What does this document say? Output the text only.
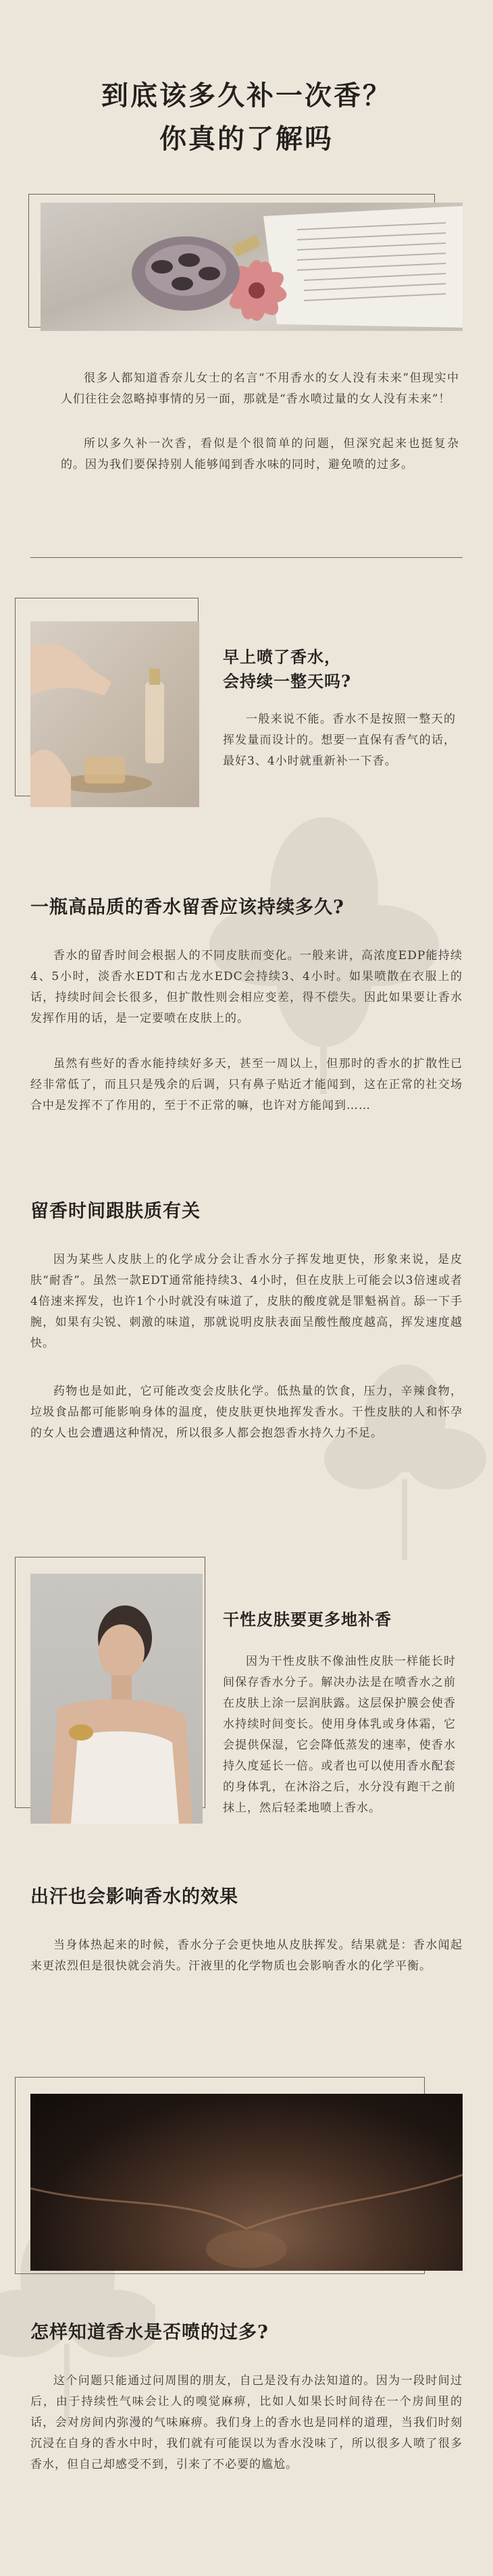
到底该多久补一次香？
你真的了解吗
很多人都知道香奈儿女士的名言“不用香水的女人没有未来”但现实中人们往往会忽略掉事情的另一面，那就是“香水喷过量的女人没有未来”！
所以多久补一次香，看似是个很简单的问题，但深究起来也挺复杂的。因为我们要保持别人能够闻到香水味的同时，避免喷的过多。
早上喷了香水，
会持续一整天吗?
一般来说不能。香水不是按照一整天的挥发量而设计的。想要一直保有香气的话，最好3、4小时就重新补一下香。
一瓶高品质的香水留香应该持续多久?
香水的留香时间会根据人的不同皮肤而变化。一般来讲，高浓度EDP能持续4、5小时，淡香水EDT和古龙水EDC会持续3、4小时。如果喷散在衣服上的话，持续时间会长很多，但扩散性则会相应变差，得不偿失。因此如果要让香水发挥作用的话，是一定要喷在皮肤上的。
虽然有些好的香水能持续好多天，甚至一周以上，但那时的香水的扩散性已经非常低了，而且只是残余的后调，只有鼻子贴近才能闻到，这在正常的社交场合中是发挥不了作用的，至于不正常的嘛，也许对方能闻到……
留香时间跟肤质有关
因为某些人皮肤上的化学成分会让香水分子挥发地更快，形象来说，是皮肤“耐香”。虽然一款EDT通常能持续3、4小时，但在皮肤上可能会以3倍速或者4倍速来挥发，也许1个小时就没有味道了，皮肤的酸度就是罪魁祸首。舔一下手腕，如果有尖锐、刺激的味道，那就说明皮肤表面呈酸性酸度越高，挥发速度越快。
药物也是如此，它可能改变会皮肤化学。低热量的饮食，压力，辛辣食物，垃圾食品都可能影响身体的温度，使皮肤更快地挥发香水。干性皮肤的人和怀孕的女人也会遭遇这种情况，所以很多人都会抱怨香水持久力不足。
干性皮肤要更多地补香
因为干性皮肤不像油性皮肤一样能长时间保存香水分子。解决办法是在喷香水之前在皮肤上涂一层润肤露。这层保护膜会使香水持续时间变长。使用身体乳或身体霜，它会提供保湿，它会降低蒸发的速率，使香水持久度延长一倍。或者也可以使用香水配套的身体乳，在沐浴之后，水分没有跑干之前抹上，然后轻柔地喷上香水。
出汗也会影响香水的效果
当身体热起来的时候，香水分子会更快地从皮肤挥发。结果就是：香水闻起来更浓烈但是很快就会消失。汗液里的化学物质也会影响香水的化学平衡。
怎样知道香水是否喷的过多?
这个问题只能通过问周围的朋友，自己是没有办法知道的。因为一段时间过后，由于持续性气味会让人的嗅觉麻痹，比如人如果长时间待在一个房间里的话，会对房间内弥漫的气味麻痹。我们身上的香水也是同样的道理，当我们时刻沉浸在自身的香水中时，我们就有可能误以为香水没味了，所以很多人喷了很多香水，但自己却感受不到，引来了不必要的尴尬。
